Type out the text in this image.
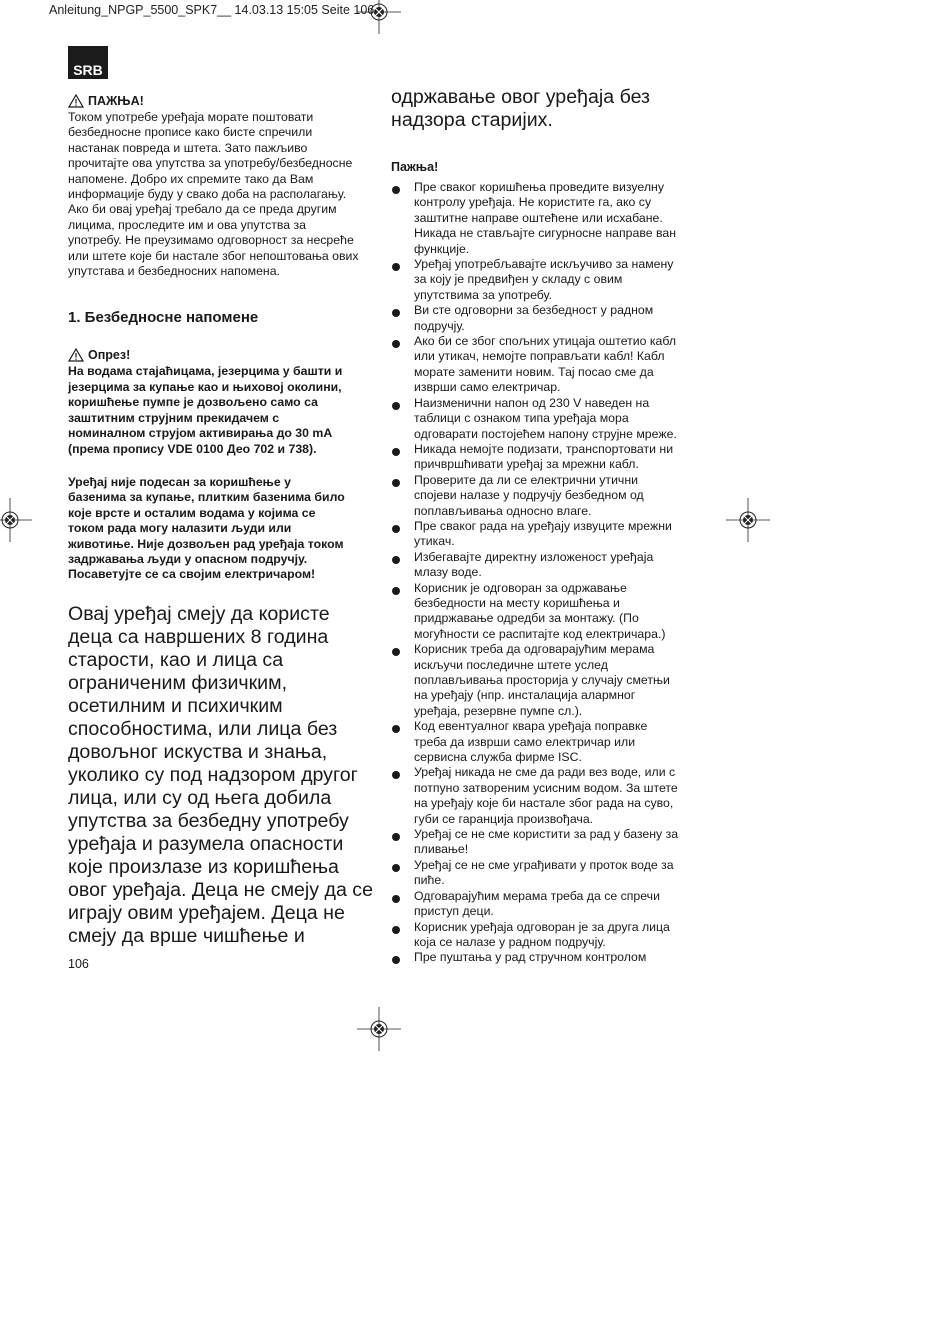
Anleitung_NPGP_5500_SPK7__ 14.03.13 15:05 Seite 106
SRB
ПАЖЊА!
Током употребе уређаја морате поштовати
безбедносне прописе како бисте спречили
настанак повреда и штета. Зато пажљиво
прочитајте ова упутства за употребу/безбедносне
напомене. Добро их спремите тако да Вам
информације буду у свако доба на располагању.
Ако би овај уређај требало да се преда другим
лицима, проследите им и ова упутства за
употребу. Не преузимамо одговорност за несреће
или штете које би настале због непоштовања ових
упутстава и безбедносних напомена.
1. Безбедносне напомене
Опрез!
На водама стајаћицама, језерцима у башти и
језерцима за купање као и њиховој околини,
коришћење пумпе је дозвољено само са
заштитним струјним прекидачем с
номиналном струјом активирања до 30 mA
(према пропису VDE 0100 Део 702 и 738).
Уређај није подесан за коришћење у
базенима за купање, плитким базенима било
које врсте и осталим водама у којима се
током рада могу налазити људи или
животиње. Није дозвољен рад уређаја током
задржавања људи у опасном подручју.
Посаветујте се са својим електричаром!
Овај уређај смеју да користе
деца са навршених 8 година
старости, као и лица са
ограниченим физичким,
осетилним и психичким
способностима, или лица без
довољног искуства и знања,
уколико су под надзором другог
лица, или су од њега добила
упутства за безбедну употребу
уређаја и разумела опасности
које произлазе из коришћења
овог уређаја. Деца не смеју да се
играју овим уређајем. Деца не
смеју да врше чишћење и
одржавање овог уређаја без
надзора старијих.
Пажња!
Пре сваког коришћења проведите визуелну
контролу уређаја. Не користите га, ако су
заштитне направе оштећене или исхабане.
Никада не стављајте сигурносне направе ван
функције.
Уређај употребљавајте искључиво за намену
за коју је предвиђен у складу с овим
упутствима за употребу.
Ви сте одговорни за безбедност у радном
подручју.
Ако би се због спољних утицаја оштетио кабл
или утикач, немојте поправљати кабл! Кабл
морате заменити новим. Тај посао сме да
изврши само електричар.
Наизменични напон од 230 V наведен на
таблици с ознаком типа уређаја мора
одговарати постојећем напону струјне мреже.
Никада немојте подизати, транспортовати ни
причвршћивати уређај за мрежни кабл.
Проверите да ли се електрични утични
спојеви налазе у подручју безбедном од
поплављивања односно влаге.
Пре сваког рада на уређају извуците мрежни
утикач.
Избегавајте директну изложеност уређаја
млазу воде.
Корисник је одговоран за одржавање
безбедности на месту коришћења и
придржавање одредби за монтажу. (По
могућности се распитајте код електричара.)
Корисник треба да одговарајућим мерама
искључи последичне штете услед
поплављивања просторија у случају сметњи
на уређају (нпр. инсталација алармног
уређаја, резервне пумпе сл.).
Код евентуалног квара уређаја поправке
треба да изврши само електричар или
сервисна служба фирме ISC.
Уређај никада не сме да ради вез воде, или с
потпуно затвореним усисним водом. За штете
на уређају које би настале због рада на суво,
губи се гаранција произвођача.
Уређај се не сме користити за рад у базену за
пливање!
Уређај се не сме уграђивати у проток воде за
пиће.
Одговарајућим мерама треба да се спречи
приступ деци.
Корисник уређаја одговоран је за друга лица
која се налазе у радном подручју.
Пре пуштања у рад стручном контролом
106
